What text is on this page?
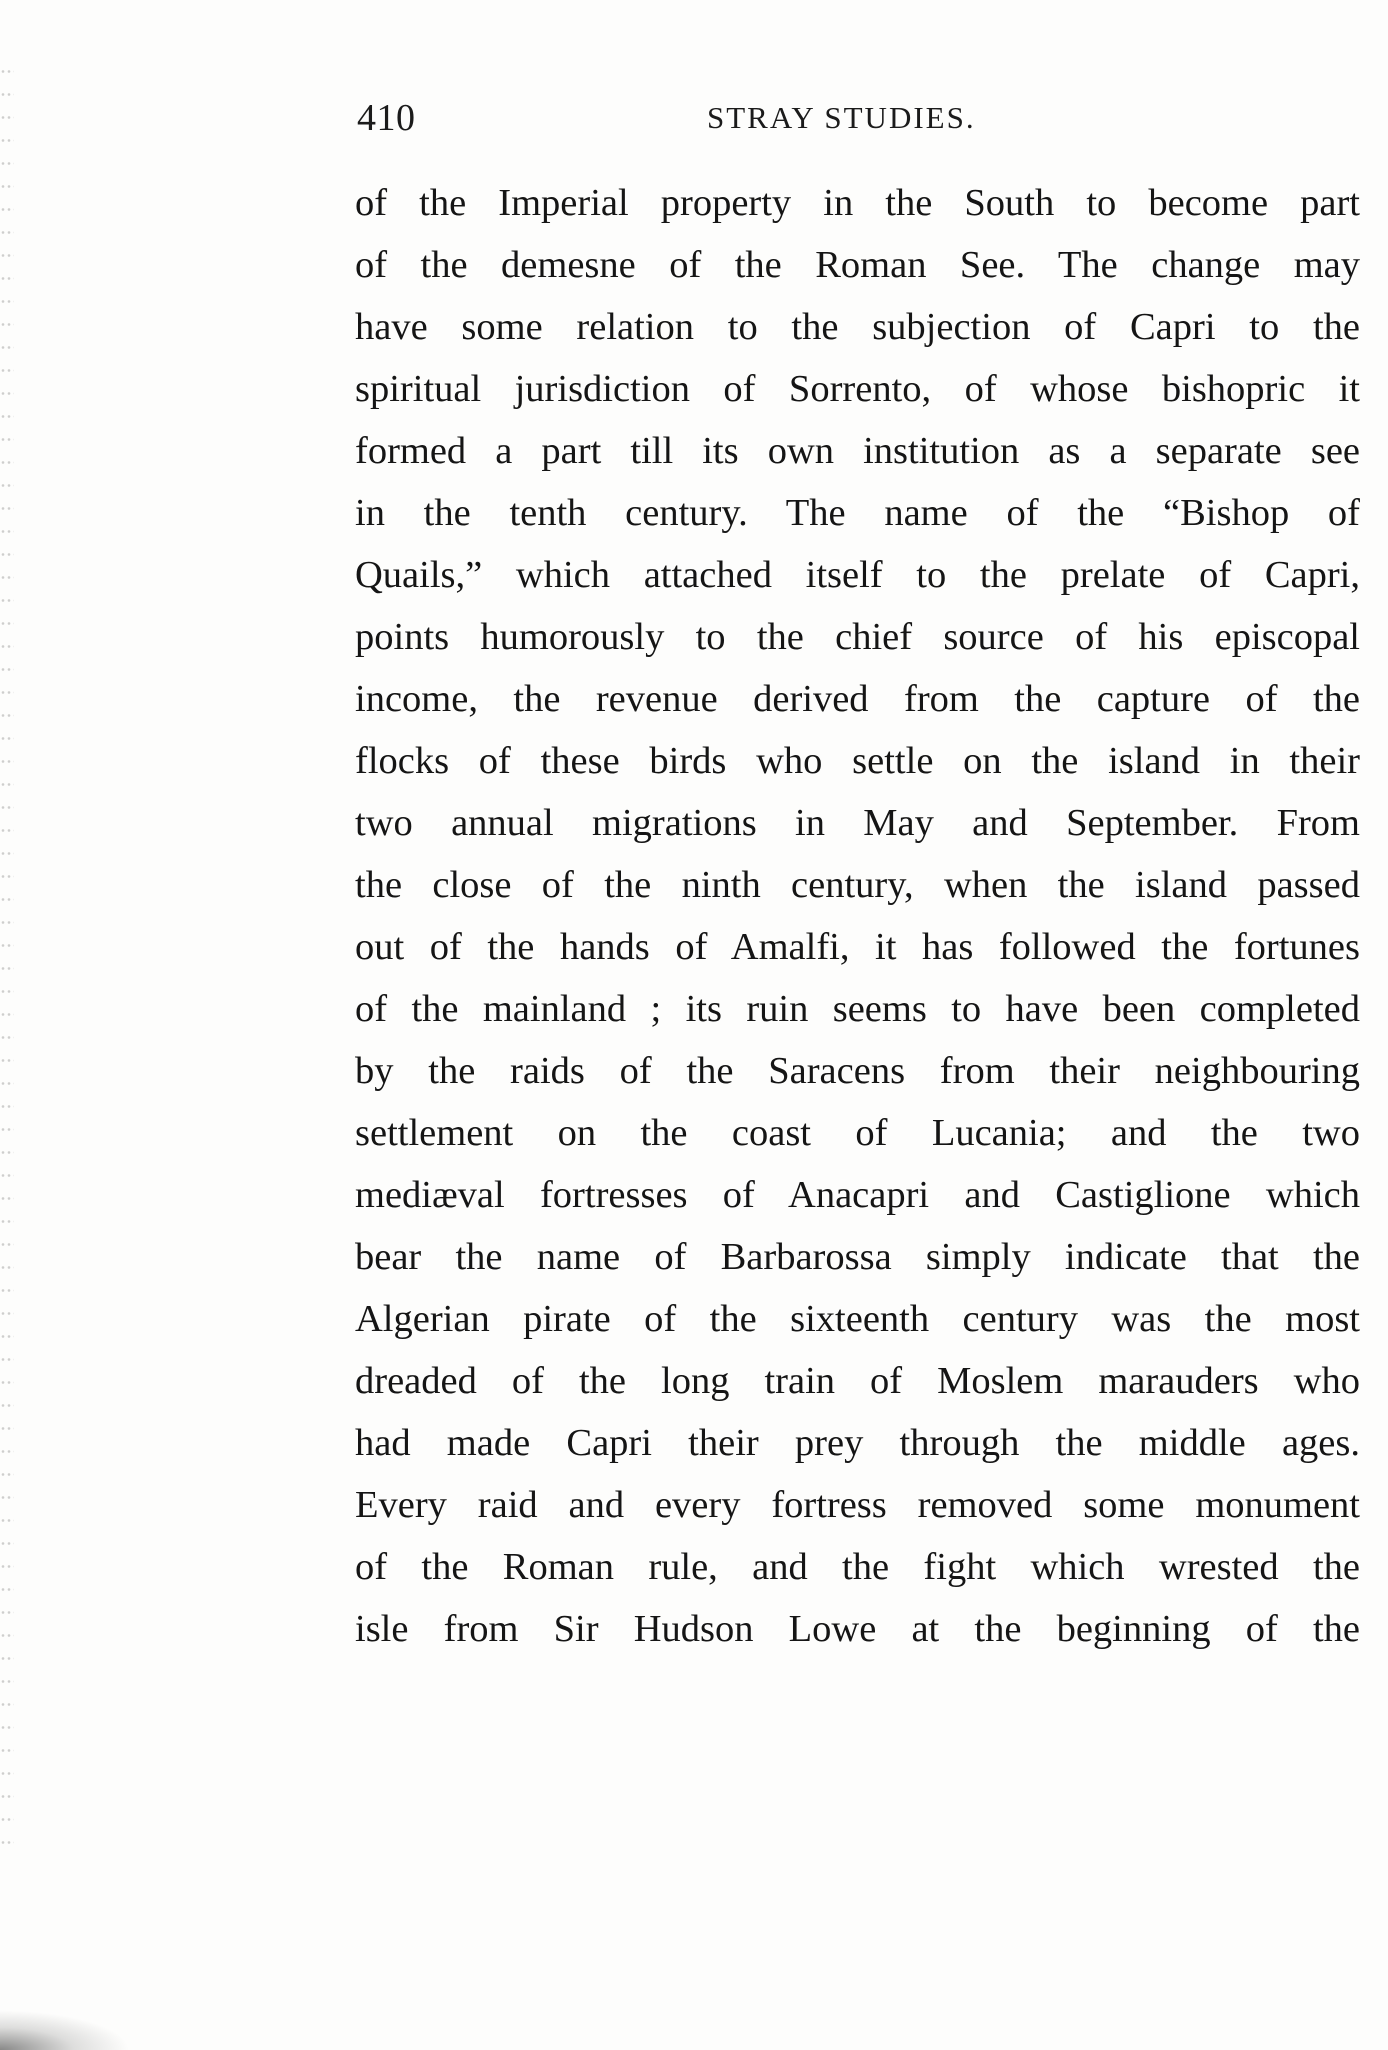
410	STRAY STUDIES.
of the Imperial property in the South to become part
of the demesne of the Roman See. The change may
have some relation to the subjection of Capri to the
spiritual jurisdiction of Sorrento, of whose bishopric it
formed a part till its own institution as a separate see
in the tenth century. The name of the “Bishop of
Quails,” which attached itself to the prelate of Capri,
points humorously to the chief source of his episcopal
income, the revenue derived from the capture of the
flocks of these birds who settle on the island in their
two annual migrations in May and September. From
the close of the ninth century, when the island passed
out of the hands of Amalfi, it has followed the fortunes
of the mainland ; its ruin seems to have been completed
by the raids of the Saracens from their neighbouring
settlement on the coast of Lucania; and the two
mediæval fortresses of Anacapri and Castiglione which
bear the name of Barbarossa simply indicate that the
Algerian pirate of the sixteenth century was the most
dreaded of the long train of Moslem marauders who
had made Capri their prey through the middle ages.
Every raid and every fortress removed some monument
of the Roman rule, and the fight which wrested the
isle from Sir Hudson Lowe at the beginning of the
